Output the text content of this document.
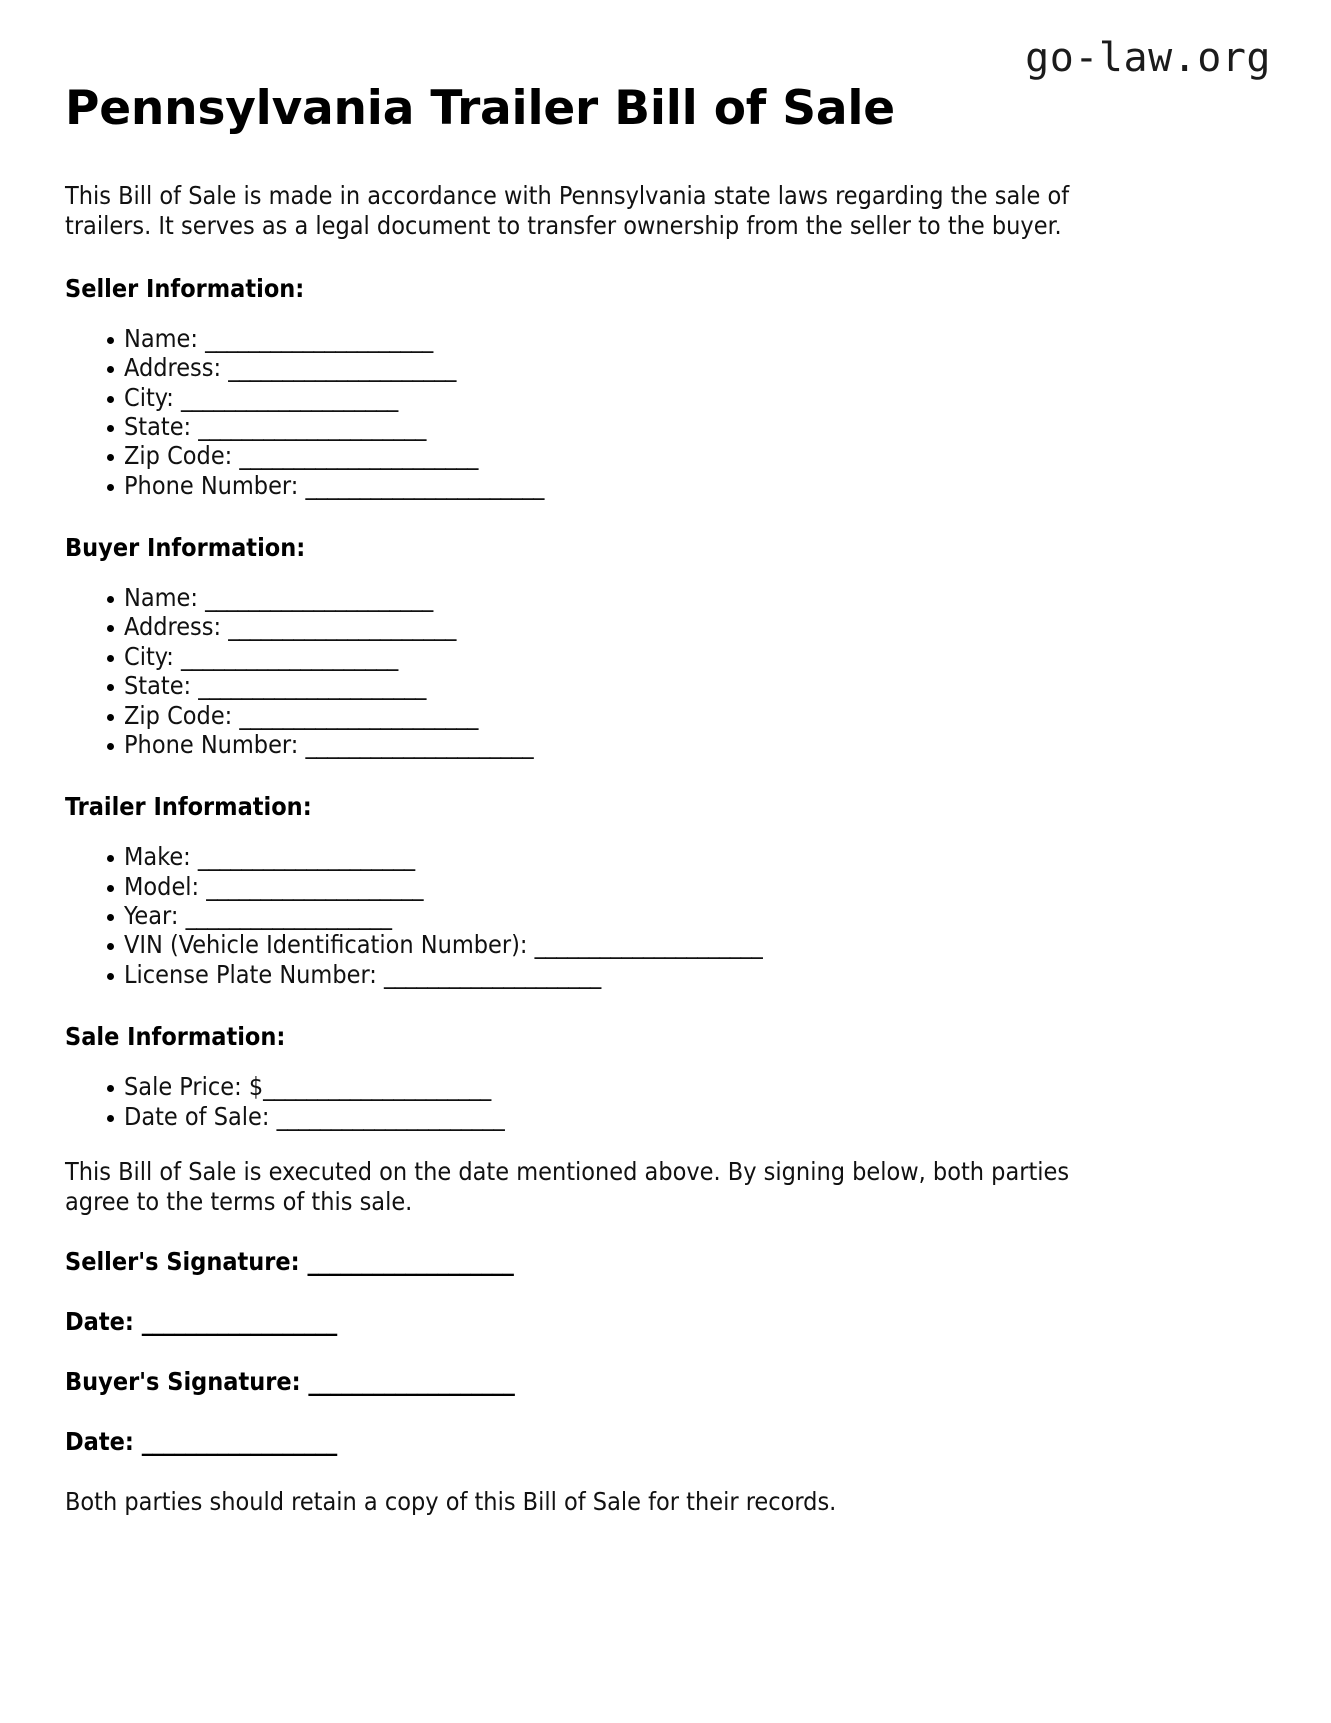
go-law.org
Pennsylvania Trailer Bill of Sale

This Bill of Sale is made in accordance with Pennsylvania state laws regarding the sale of trailers. It serves as a legal document to transfer ownership from the seller to the buyer.

Seller Information:
Name: _____________________
Address: _____________________
City: ____________________
State: _____________________
Zip Code: ______________________
Phone Number: ______________________
Buyer Information:
Name: _____________________
Address: _____________________
City: ____________________
State: _____________________
Zip Code: ______________________
Phone Number: _____________________
Trailer Information:
Make: ____________________
Model: ____________________
Year: ___________________
VIN (Vehicle Identification Number): _____________________
License Plate Number: ____________________
Sale Information:
Sale Price: $_____________________
Date of Sale: _____________________

This Bill of Sale is executed on the date mentioned above. By signing below, both parties agree to the terms of this sale.

Seller's Signature: ___________________

Date: __________________

Buyer's Signature: ___________________

Date: __________________

Both parties should retain a copy of this Bill of Sale for their records.
